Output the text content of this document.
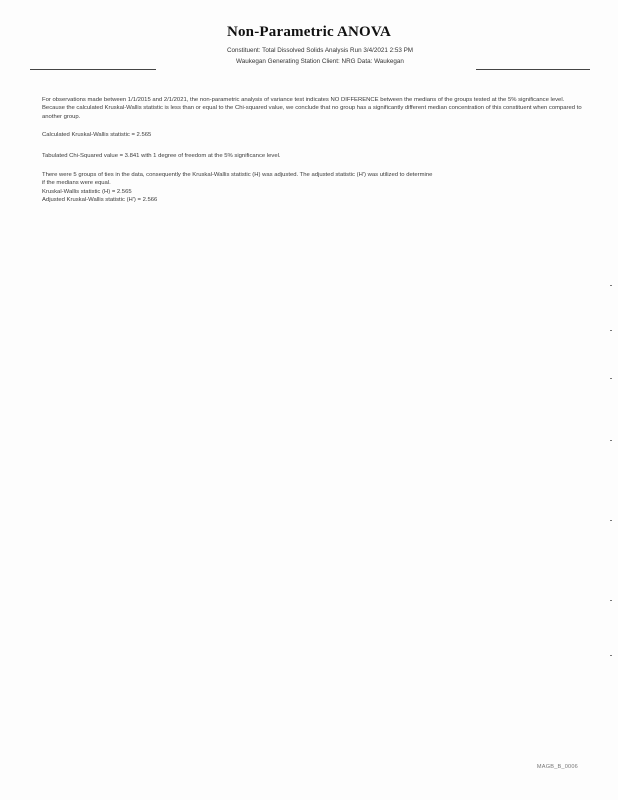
Non-Parametric ANOVA
Constituent: Total Dissolved Solids Analysis Run 3/4/2021 2:53 PM
Waukegan Generating Station Client: NRG Data: Waukegan
For observations made between 1/1/2015 and 2/1/2021, the non-parametric analysis of variance test indicates NO DIFFERENCE between the medians of the groups tested at the 5% significance level. Because the calculated Kruskal-Wallis statistic is less than or equal to the Chi-squared value, we conclude that no group has a significantly different median concentration of this constituent when compared to another group.
Calculated Kruskal-Wallis statistic = 2.565
Tabulated Chi-Squared value = 3.841 with 1 degree of freedom at the 5% significance level.
There were 5 groups of ties in the data, consequently the Kruskal-Wallis statistic (H) was adjusted. The adjusted statistic (H') was utilized to determine
if the medians were equal.
Kruskal-Wallis statistic (H) = 2.565
Adjusted Kruskal-Wallis statistic (H') = 2.566
MAGB_B_0006
